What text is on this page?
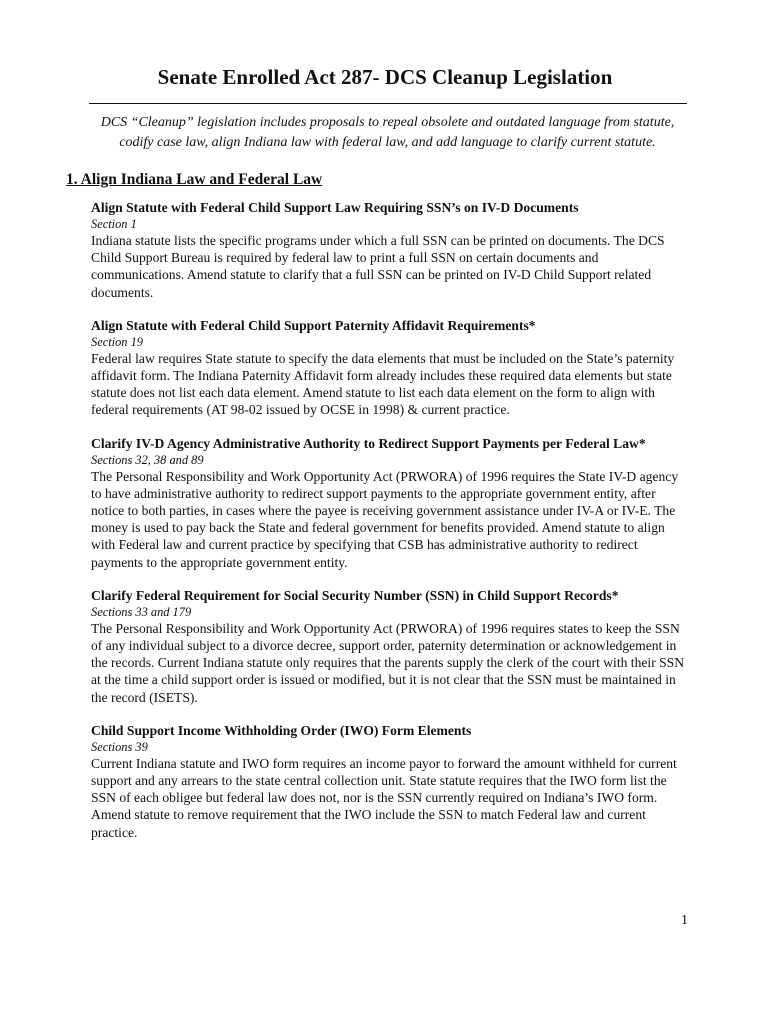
Senate Enrolled Act 287- DCS Cleanup Legislation
DCS “Cleanup” legislation includes proposals to repeal obsolete and outdated language from statute, codify case law, align Indiana law with federal law, and add language to clarify current statute.
1. Align Indiana Law and Federal Law
Align Statute with Federal Child Support Law Requiring SSN’s on IV-D Documents
Section 1

Indiana statute lists the specific programs under which a full SSN can be printed on documents. The DCS Child Support Bureau is required by federal law to print a full SSN on certain documents and communications. Amend statute to clarify that a full SSN can be printed on IV-D Child Support related documents.

Align Statute with Federal Child Support Paternity Affidavit Requirements*
Section 19

Federal law requires State statute to specify the data elements that must be included on the State’s paternity affidavit form. The Indiana Paternity Affidavit form already includes these required data elements but state statute does not list each data element. Amend statute to list each data element on the form to align with federal requirements (AT 98-02 issued by OCSE in 1998) & current practice.

Clarify IV-D Agency Administrative Authority to Redirect Support Payments per Federal Law*
Sections 32, 38 and 89

The Personal Responsibility and Work Opportunity Act (PRWORA) of 1996 requires the State IV-D agency to have administrative authority to redirect support payments to the appropriate government entity, after notice to both parties, in cases where the payee is receiving government assistance under IV-A or IV-E. The money is used to pay back the State and federal government for benefits provided. Amend statute to align with Federal law and current practice by specifying that CSB has administrative authority to redirect payments to the appropriate government entity.

Clarify Federal Requirement for Social Security Number (SSN) in Child Support Records*
Sections 33 and 179

The Personal Responsibility and Work Opportunity Act (PRWORA) of 1996 requires states to keep the SSN of any individual subject to a divorce decree, support order, paternity determination or acknowledgement in the records. Current Indiana statute only requires that the parents supply the clerk of the court with their SSN at the time a child support order is issued or modified, but it is not clear that the SSN must be maintained in the record (ISETS).

Child Support Income Withholding Order (IWO) Form Elements
Sections 39

Current Indiana statute and IWO form requires an income payor to forward the amount withheld for current support and any arrears to the state central collection unit. State statute requires that the IWO form list the SSN of each obligee but federal law does not, nor is the SSN currently required on Indiana’s IWO form. Amend statute to remove requirement that the IWO include the SSN to match Federal law and current practice.

1
